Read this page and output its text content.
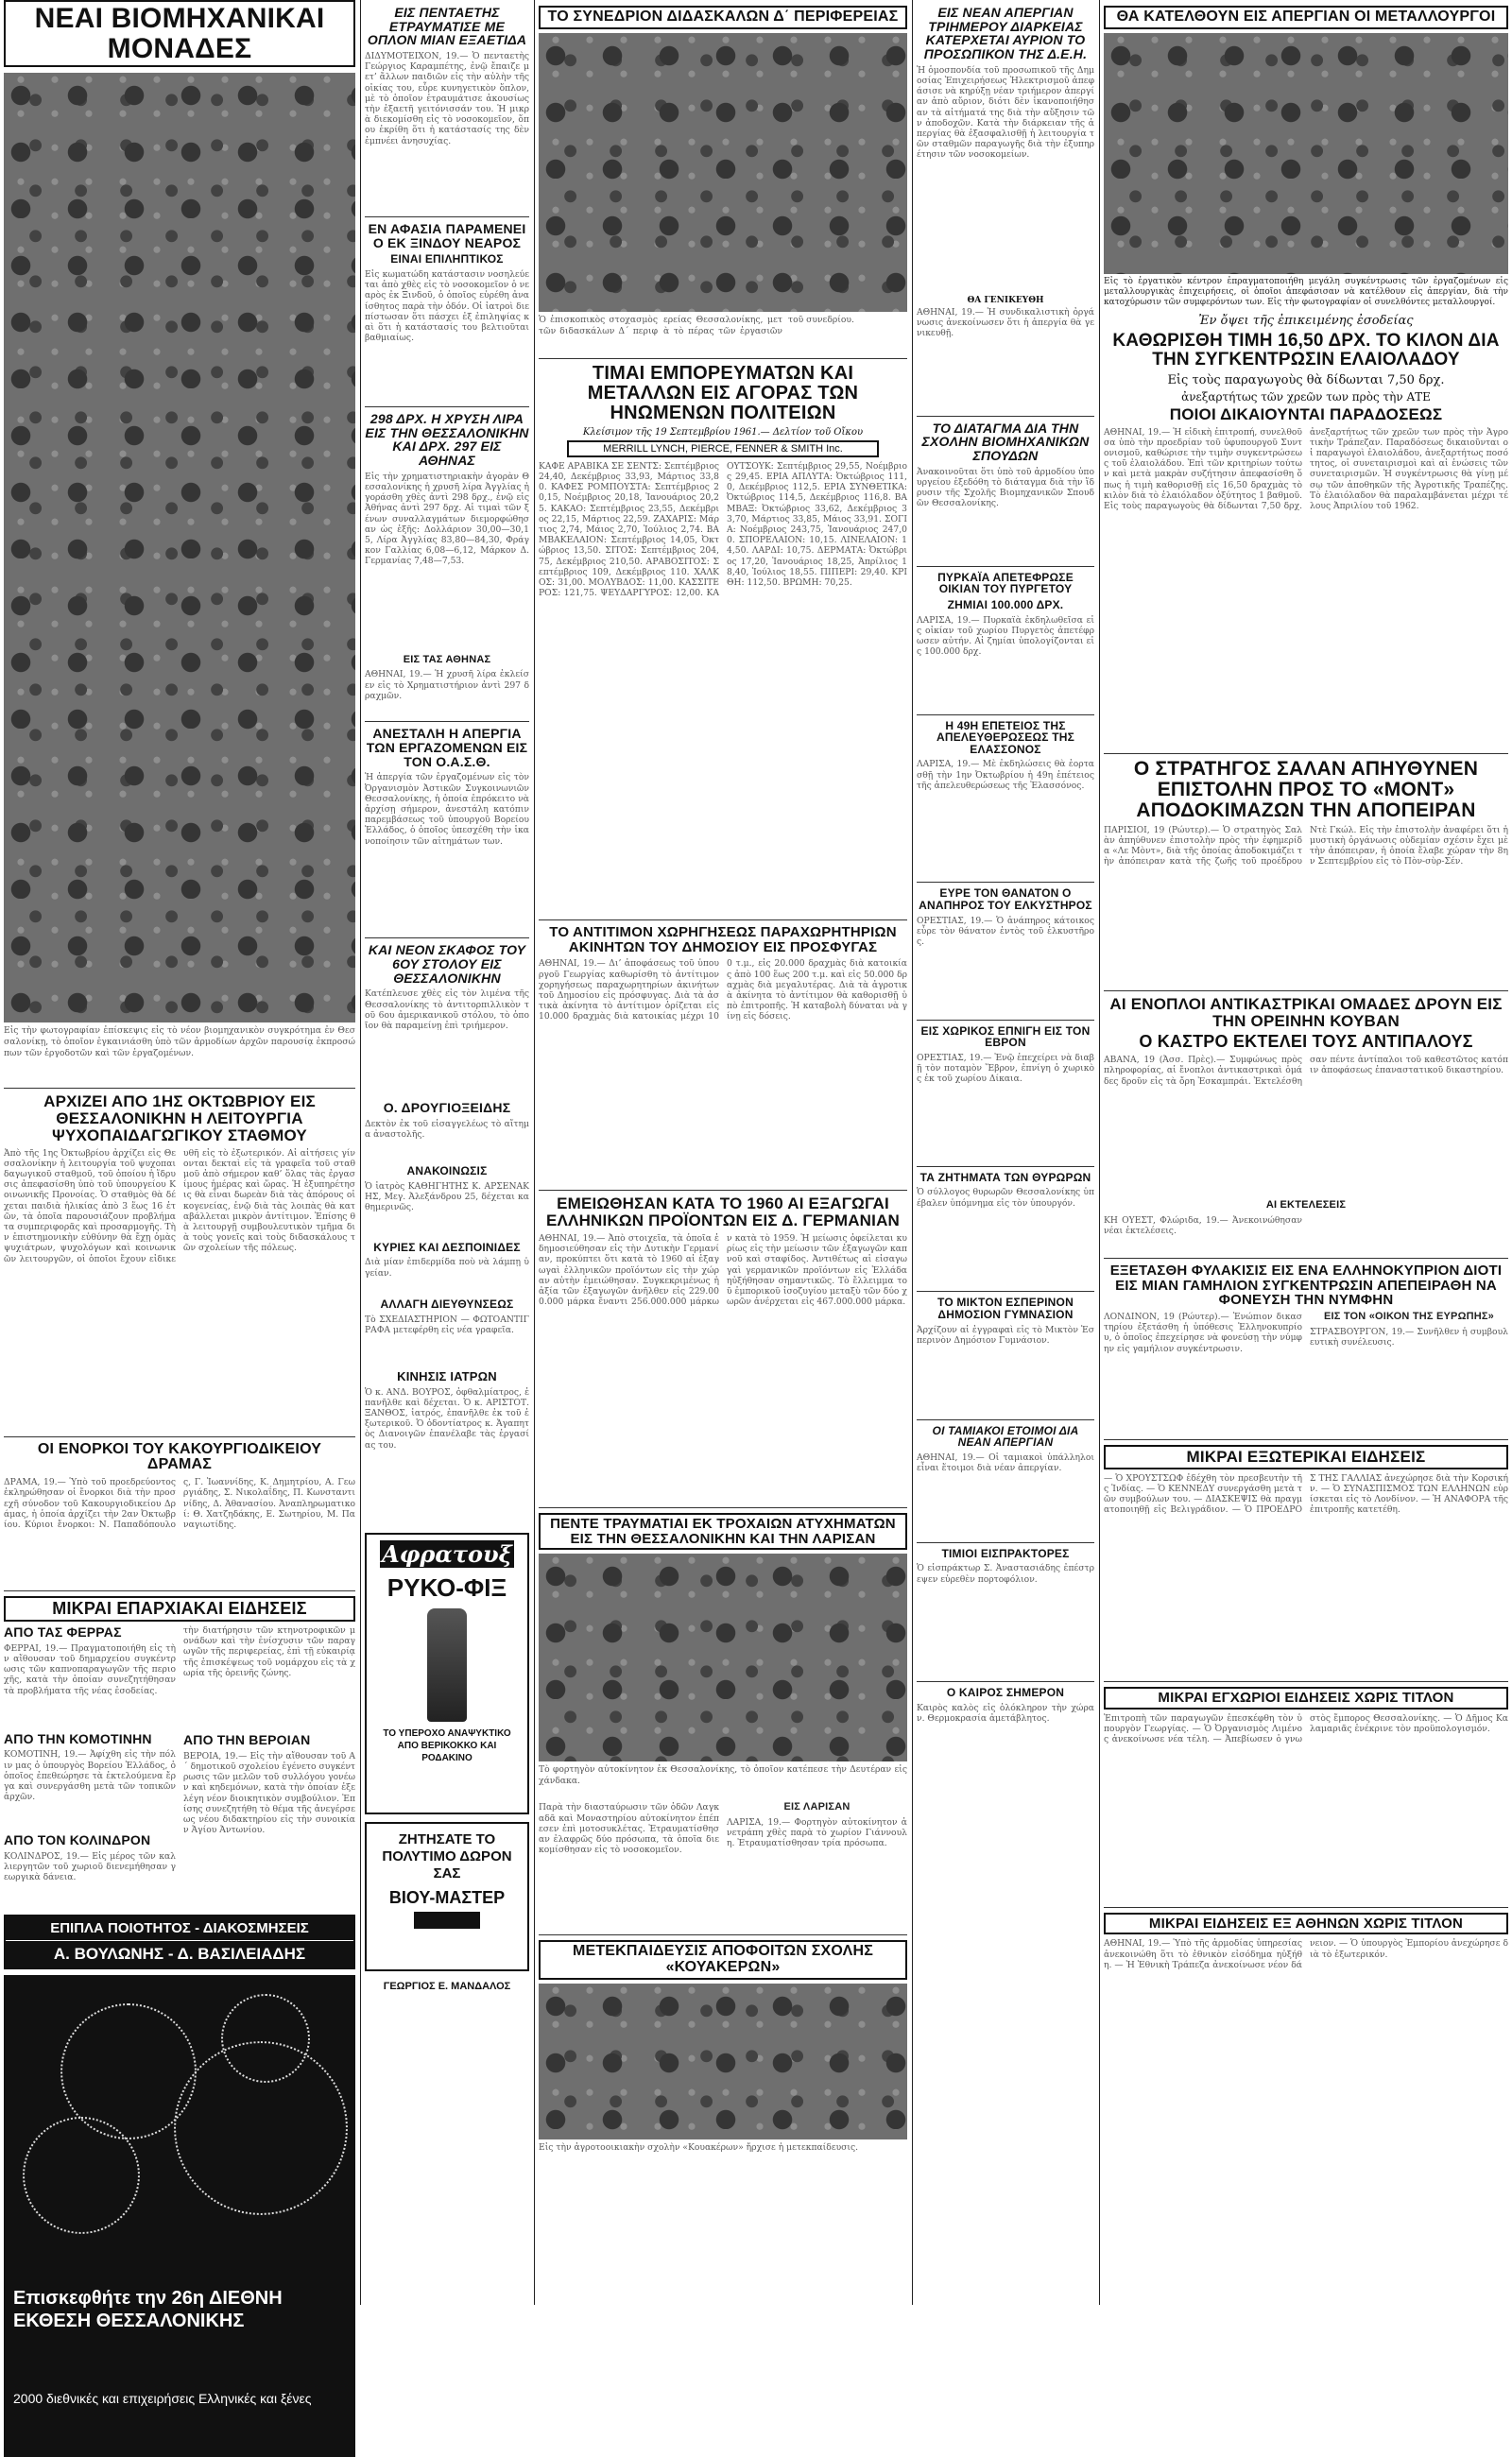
ΝΕΑΙ ΒΙΟΜΗΧΑΝΙΚΑΙ ΜΟΝΑΔΕΣ
Εἰς τὴν φωτογραφίαν ἐπίσκεψις εἰς τὸ νέον βιομηχανικὸν συγκρότημα ἐν Θεσσαλονίκῃ, τὸ ὁποῖον ἐγκαινιάσθη ὑπὸ τῶν ἁρμοδίων ἀρχῶν παρουσίᾳ ἐκπροσώπων τῶν ἐργοδοτῶν καὶ τῶν ἐργαζομένων.
ΑΡΧΙΖΕΙ ΑΠΟ 1ΗΣ ΟΚΤΩΒΡΙΟΥ ΕΙΣ ΘΕΣΣΑΛΟΝΙΚΗΝ Η ΛΕΙΤΟΥΡΓΙΑ ΨΥΧΟΠΑΙΔΑΓΩΓΙΚΟΥ ΣΤΑΘΜΟΥ
Ἀπὸ τῆς 1ης Ὀκτωβρίου ἀρχίζει εἰς Θεσσαλονίκην ἡ λειτουργία τοῦ ψυχοπαιδαγωγικοῦ σταθμοῦ, τοῦ ὁποίου ἡ ἵδρυσις ἀπεφασίσθη ὑπὸ τοῦ ὑπουργείου Κοινωνικῆς Προνοίας. Ὁ σταθμὸς θὰ δέχεται παιδιὰ ἡλικίας ἀπὸ 3 ἕως 16 ἐτῶν, τὰ ὁποῖα παρουσιάζουν προβλήματα συμπεριφορᾶς καὶ προσαρμογῆς. Τὴν ἐπιστημονικὴν εὐθύνην θὰ ἔχῃ ὁμὰς ψυχιάτρων, ψυχολόγων καὶ κοινωνικῶν λειτουργῶν, οἱ ὁποῖοι ἔχουν εἰδικευθῆ εἰς τὸ ἐξωτερικόν. Αἱ αἰτήσεις γίνονται δεκταὶ εἰς τὰ γραφεῖα τοῦ σταθμοῦ ἀπὸ σήμερον καθ’ ὅλας τὰς ἐργασίμους ἡμέρας καὶ ὥρας. Ἡ ἐξυπηρέτησις θὰ εἶναι δωρεὰν διὰ τὰς ἀπόρους οἰκογενείας, ἐνῷ διὰ τὰς λοιπὰς θὰ καταβάλλεται μικρὸν ἀντίτιμον. Ἐπίσης θὰ λειτουργῇ συμβουλευτικὸν τμῆμα διὰ τοὺς γονεῖς καὶ τοὺς διδασκάλους τῶν σχολείων τῆς πόλεως.
ΟΙ ΕΝΟΡΚΟΙ ΤΟΥ ΚΑΚΟΥΡΓΙΟΔΙΚΕΙΟΥ ΔΡΑΜΑΣ
ΔΡΑΜΑ, 19.— Ὑπὸ τοῦ προεδρεύοντος ἐκληρώθησαν οἱ ἔνορκοι διὰ τὴν προσεχῆ σύνοδον τοῦ Κακουργιοδικείου Δράμας, ἡ ὁποία ἀρχίζει τὴν 2αν Ὀκτωβρίου. Κύριοι ἔνορκοι: Ν. Παπαδόπουλος, Γ. Ἰωαννίδης, Κ. Δημητρίου, Α. Γεωργιάδης, Σ. Νικολαΐδης, Π. Κωνσταντινίδης, Δ. Ἀθανασίου. Ἀναπληρωματικοί: Θ. Χατζηδάκης, Ε. Σωτηρίου, Μ. Παναγιωτίδης.
ΜΙΚΡΑΙ ΕΠΑΡΧΙΑΚΑΙ ΕΙΔΗΣΕΙΣ
ΑΠΟ ΤΑΣ ΦΕΡΡΑΣ
ΦΕΡΡΑΙ, 19.— Πραγματοποιήθη εἰς τὴν αἴθουσαν τοῦ δημαρχείου συγκέντρωσις τῶν καπνοπαραγωγῶν τῆς περιοχῆς, κατὰ τὴν ὁποίαν συνεζητήθησαν τὰ προβλήματα τῆς νέας ἐσοδείας.
ΑΠΟ ΤΗΝ ΚΟΜΟΤΙΝΗΝ
ΚΟΜΟΤΙΝΗ, 19.— Ἀφίχθη εἰς τὴν πόλιν μας ὁ ὑπουργὸς Βορείου Ἑλλάδος, ὁ ὁποῖος ἐπεθεώρησε τὰ ἐκτελούμενα ἔργα καὶ συνεργάσθη μετὰ τῶν τοπικῶν ἀρχῶν.
ΑΠΟ ΤΟΝ ΚΟΛΙΝΔΡΟΝ
ΚΟΛΙΝΔΡΟΣ, 19.— Εἰς μέρος τῶν καλλιεργητῶν τοῦ χωριοῦ διενεμήθησαν γεωργικὰ δάνεια.
τὴν διατήρησιν τῶν κτηνοτροφικῶν μονάδων καὶ τὴν ἐνίσχυσιν τῶν παραγωγῶν τῆς περιφερείας, ἐπὶ τῇ εὐκαιρίᾳ τῆς ἐπισκέψεως τοῦ νομάρχου εἰς τὰ χωρία τῆς ὀρεινῆς ζώνης.
ΑΠΟ ΤΗΝ ΒΕΡΟΙΑΝ
ΒΕΡΟΙΑ, 19.— Εἰς τὴν αἴθουσαν τοῦ Α΄ δημοτικοῦ σχολείου ἐγένετο συγκέντρωσις τῶν μελῶν τοῦ συλλόγου γονέων καὶ κηδεμόνων, κατὰ τὴν ὁποίαν ἐξελέγη νέον διοικητικὸν συμβούλιον. Ἐπίσης συνεζητήθη τὸ θέμα τῆς ἀνεγέρσεως νέου διδακτηρίου εἰς τὴν συνοικίαν Ἁγίου Ἀντωνίου.
ΕΠΙΠΛΑ ΠΟΙΟΤΗΤΟΣ - ΔΙΑΚΟΣΜΗΣΕΙΣ
Α. ΒΟΥΛΩΝΗΣ - Δ. ΒΑΣΙΛΕΙΑΔΗΣ
Επισκεφθήτε την 26η ΔΙΕΘΝΗ ΕΚΘΕΣΗ ΘΕΣΣΑΛΟΝΙΚΗΣ
2000 διεθνικές και επιχειρήσεις Ελληνικές και ξένες
ΕΙΣ ΠΕΝΤΑΕΤΗΣ ΕΤΡΑΥΜΑΤΙΣΕ ΜΕ ΟΠΛΟΝ ΜΙΑΝ ΕΞΑΕΤΙΔΑ
ΔΙΔΥΜΟΤΕΙΧΟΝ, 19.— Ὁ πενταετὴς Γεώργιος Καραμπέτης, ἐνῷ ἔπαιζε μετ’ ἄλλων παιδιῶν εἰς τὴν αὐλὴν τῆς οἰκίας του, εὗρε κυνηγετικὸν ὅπλον, μὲ τὸ ὁποῖον ἐτραυμάτισε ἀκουσίως τὴν ἑξαετῆ γειτόνισσάν του. Ἡ μικρὰ διεκομίσθη εἰς τὸ νοσοκομεῖον, ὅπου ἐκρίθη ὅτι ἡ κατάστασίς της δὲν ἐμπνέει ἀνησυχίας.
ΕΝ ΑΦΑΣΙΑ ΠΑΡΑΜΕΝΕΙ Ο ΕΚ ΞΙΝΔΟΥ ΝΕΑΡΟΣ
ΕΙΝΑΙ ΕΠΙΛΗΠΤΙΚΟΣ
Εἰς κωματώδη κατάστασιν νοσηλεύεται ἀπὸ χθὲς εἰς τὸ νοσοκομεῖον ὁ νεαρὸς ἐκ Ξινδοῦ, ὁ ὁποῖος εὑρέθη ἀναίσθητος παρὰ τὴν ὁδόν. Οἱ ἰατροὶ διεπίστωσαν ὅτι πάσχει ἐξ ἐπιληψίας καὶ ὅτι ἡ κατάστασίς του βελτιοῦται βαθμιαίως.
298 ΔΡΧ. Η ΧΡΥΣΗ ΛΙΡΑ ΕΙΣ ΤΗΝ ΘΕΣΣΑΛΟΝΙΚΗΝ ΚΑΙ ΔΡΧ. 297 ΕΙΣ ΑΘΗΝΑΣ
Εἰς τὴν χρηματιστηριακὴν ἀγορὰν Θεσσαλονίκης ἡ χρυσῆ λίρα Ἀγγλίας ἠγοράσθη χθὲς ἀντὶ 298 δρχ., ἐνῷ εἰς Ἀθήνας ἀντὶ 297 δρχ. Αἱ τιμαὶ τῶν ξένων συναλλαγμάτων διεμορφώθησαν ὡς ἑξῆς: Δολλάριον 30,00—30,15, Λίρα Ἀγγλίας 83,80—84,30, Φράγκον Γαλλίας 6,08—6,12, Μάρκον Δ. Γερμανίας 7,48—7,53.
ΕΙΣ ΤΑΣ ΑΘΗΝΑΣ
ΑΘΗΝΑΙ, 19.— Ἡ χρυσῆ λίρα ἐκλείσεν εἰς τὸ Χρηματιστήριον ἀντὶ 297 δραχμῶν.
ΑΝΕΣΤΑΛΗ Η ΑΠΕΡΓΙΑ ΤΩΝ ΕΡΓΑΖΟΜΕΝΩΝ ΕΙΣ ΤΟΝ Ο.Α.Σ.Θ.
Ἡ ἀπεργία τῶν ἐργαζομένων εἰς τὸν Ὀργανισμὸν Ἀστικῶν Συγκοινωνιῶν Θεσσαλονίκης, ἡ ὁποία ἐπρόκειτο νὰ ἀρχίσῃ σήμερον, ἀνεστάλη κατόπιν παρεμβάσεως τοῦ ὑπουργοῦ Βορείου Ἑλλάδος, ὁ ὁποῖος ὑπεσχέθη τὴν ἱκανοποίησιν τῶν αἰτημάτων των.
ΚΑΙ ΝΕΟΝ ΣΚΑΦΟΣ ΤΟΥ 6ΟΥ ΣΤΟΛΟΥ ΕΙΣ ΘΕΣΣΑΛΟΝΙΚΗΝ
Κατέπλευσε χθὲς εἰς τὸν λιμένα τῆς Θεσσαλονίκης τὸ ἀντιτορπιλλικὸν τοῦ 6ου ἀμερικανικοῦ στόλου, τὸ ὁποῖον θὰ παραμείνῃ ἐπὶ τριήμερον.
Ο. ΔΡΟΥΓΙΟΞΕΙΔΗΣ
Δεκτὸν ἐκ τοῦ εἰσαγγελέως τὸ αἴτημα ἀναστολῆς.
ΑΝΑΚΟΙΝΩΣΙΣ
Ὁ ἰατρὸς ΚΑΘΗΓΗΤΗΣ Κ. ΑΡΣΕΝΑΚΗΣ, Μεγ. Ἀλεξάνδρου 25, δέχεται καθημερινῶς.
ΚΥΡΙΕΣ ΚΑΙ ΔΕΣΠΟΙΝΙΔΕΣ
Διὰ μίαν ἐπιδερμίδα ποὺ νὰ λάμπῃ ὑγείαν.
ΑΛΛΑΓΗ ΔΙΕΥΘΥΝΣΕΩΣ
Τὸ ΣΧΕΔΙΑΣΤΗΡΙΟΝ — ΦΩΤΟΑΝΤΙΓΡΑΦΑ μετεφέρθη εἰς νέα γραφεῖα.
ΚΙΝΗΣΙΣ ΙΑΤΡΩΝ
Ὁ κ. ΑΝΔ. ΒΟΥΡΟΣ, ὀφθαλμίατρος, ἐπανῆλθε καὶ δέχεται. Ὁ κ. ΑΡΙΣΤΟΤ. ΞΑΝΘΟΣ, ἰατρός, ἐπανῆλθε ἐκ τοῦ ἐξωτερικοῦ. Ὁ ὀδοντίατρος κ. Ἀγαπητὸς Διανοιγῶν ἐπανέλαβε τὰς ἐργασίας του.
Αφρατουξ
ΡΥΚΟ-ΦΙΞ
ΤΟ ΥΠΕΡΟΧΟ ΑΝΑΨΥΚΤΙΚΟ ΑΠΟ ΒΕΡΙΚΟΚΚΟ ΚΑΙ ΡΟΔΑΚΙΝΟ
ΖΗΤΗΣΑΤΕ ΤΟ ΠΟΛΥΤΙΜΟ ΔΩΡΟΝ ΣΑΣ
ΒΙΟΥ-ΜΑΣΤΕΡ
ΓΕΩΡΓΙΟΣ Ε. ΜΑΝΔΑΛΟΣ
ΤΟ ΣΥΝΕΔΡΙΟΝ ΔΙΔΑΣΚΑΛΩΝ Δ΄ ΠΕΡΙΦΕΡΕΙΑΣ
Ὁ ἐπισκοπικὸς στοχασμὸς τῶν διδασκάλων Δ΄ περιφερείας Θεσσαλονίκης, μετὰ τὸ πέρας τῶν ἐργασιῶν τοῦ συνεδρίου.
ΤΙΜΑΙ ΕΜΠΟΡΕΥΜΑΤΩΝ ΚΑΙ ΜΕΤΑΛΛΩΝ ΕΙΣ ΑΓΟΡΑΣ ΤΩΝ ΗΝΩΜΕΝΩΝ ΠΟΛΙΤΕΙΩΝ
Κλείσιμον τῆς 19 Σεπτεμβρίου 1961.— Δελτίον τοῦ Οἴκου
MERRILL LYNCH, PIERCE, FENNER & SMITH Inc.
ΚΑΦΕ ΑΡΑΒΙΚΑ ΣΕ ΣΕΝΤΣ: Σεπτέμβριος 24,40, Δεκέμβριος 33,93, Μάρτιος 33,80. ΚΑΦΕΣ ΡΟΜΠΟΥΣΤΑ: Σεπτέμβριος 20,15, Νοέμβριος 20,18, Ἰανουάριος 20,25. ΚΑΚΑΟ: Σεπτέμβριος 23,55, Δεκέμβριος 22,15, Μάρτιος 22,59. ΖΑΧΑΡΙΣ: Μάρτιος 2,74, Μάιος 2,70, Ἰούλιος 2,74. ΒΑΜΒΑΚΕΛΑΙΟΝ: Σεπτέμβριος 14,05, Ὀκτώβριος 13,50. ΣΙΤΟΣ: Σεπτέμβριος 204,75, Δεκέμβριος 210,50. ΑΡΑΒΟΣΙΤΟΣ: Σεπτέμβριος 109, Δεκέμβριος 110. ΧΑΛΚΟΣ: 31,00. ΜΟΛΥΒΔΟΣ: 11,00. ΚΑΣΣΙΤΕΡΟΣ: 121,75. ΨΕΥΔΑΡΓΥΡΟΣ: 12,00. ΚΑΟΥΤΣΟΥΚ: Σεπτέμβριος 29,55, Νοέμβριος 29,45. ΕΡΙΑ ΑΠΛΥΤΑ: Ὀκτώβριος 111,0, Δεκέμβριος 112,5. ΕΡΙΑ ΣΥΝΘΕΤΙΚΑ: Ὀκτώβριος 114,5, Δεκέμβριος 116,8. ΒΑΜΒΑΞ: Ὀκτώβριος 33,62, Δεκέμβριος 33,70, Μάρτιος 33,85, Μάιος 33,91. ΣΟΓΙΑ: Νοέμβριος 243,75, Ἰανουάριος 247,00. ΣΠΟΡΕΛΑΙΟΝ: 10,15. ΛΙΝΕΛΑΙΟΝ: 14,50. ΛΑΡΔΙ: 10,75. ΔΕΡΜΑΤΑ: Ὀκτώβριος 17,20, Ἰανουάριος 18,25, Ἀπρίλιος 18,40, Ἰούλιος 18,55. ΠΙΠΕΡΙ: 29,40. ΚΡΙΘΗ: 112,50. ΒΡΩΜΗ: 70,25.
ΤΟ ΑΝΤΙΤΙΜΟΝ ΧΩΡΗΓΗΣΕΩΣ ΠΑΡΑΧΩΡΗΤΗΡΙΩΝ ΑΚΙΝΗΤΩΝ ΤΟΥ ΔΗΜΟΣΙΟΥ ΕΙΣ ΠΡΟΣΦΥΓΑΣ
ΑΘΗΝΑΙ, 19.— Δι’ ἀποφάσεως τοῦ ὑπουργοῦ Γεωργίας καθωρίσθη τὸ ἀντίτιμον χορηγήσεως παραχωρητηρίων ἀκινήτων τοῦ Δημοσίου εἰς πρόσφυγας. Διὰ τὰ ἀστικὰ ἀκίνητα τὸ ἀντίτιμον ὁρίζεται εἰς 10.000 δραχμὰς διὰ κατοικίας μέχρι 100 τ.μ., εἰς 20.000 δραχμὰς διὰ κατοικίας ἀπὸ 100 ἕως 200 τ.μ. καὶ εἰς 50.000 δραχμὰς διὰ μεγαλυτέρας. Διὰ τὰ ἀγροτικὰ ἀκίνητα τὸ ἀντίτιμον θὰ καθορισθῇ ὑπὸ ἐπιτροπῆς. Ἡ καταβολὴ δύναται νὰ γίνῃ εἰς δόσεις.
ΕΜΕΙΩΘΗΣΑΝ ΚΑΤΑ ΤΟ 1960 ΑΙ ΕΞΑΓΩΓΑΙ ΕΛΛΗΝΙΚΩΝ ΠΡΟΪΟΝΤΩΝ ΕΙΣ Δ. ΓΕΡΜΑΝΙΑΝ
ΑΘΗΝΑΙ, 19.— Ἀπὸ στοιχεῖα, τὰ ὁποῖα ἐδημοσιεύθησαν εἰς τὴν Δυτικὴν Γερμανίαν, προκύπτει ὅτι κατὰ τὸ 1960 αἱ ἐξαγωγαὶ ἑλληνικῶν προϊόντων εἰς τὴν χώραν αὐτὴν ἐμειώθησαν. Συγκεκριμένως ἡ ἀξία τῶν ἐξαγωγῶν ἀνῆλθεν εἰς 229.000.000 μάρκα ἔναντι 256.000.000 μάρκων κατὰ τὸ 1959. Ἡ μείωσις ὀφείλεται κυρίως εἰς τὴν μείωσιν τῶν ἐξαγωγῶν καπνοῦ καὶ σταφίδος. Ἀντιθέτως αἱ εἰσαγωγαὶ γερμανικῶν προϊόντων εἰς Ἑλλάδα ηὐξήθησαν σημαντικῶς. Τὸ ἔλλειμμα τοῦ ἐμπορικοῦ ἰσοζυγίου μεταξὺ τῶν δύο χωρῶν ἀνέρχεται εἰς 467.000.000 μάρκα.
ΠΕΝΤΕ ΤΡΑΥΜΑΤΙΑΙ ΕΚ ΤΡΟΧΑΙΩΝ ΑΤΥΧΗΜΑΤΩΝ ΕΙΣ ΤΗΝ ΘΕΣΣΑΛΟΝΙΚΗΝ ΚΑΙ ΤΗΝ ΛΑΡΙΣΑΝ
Τὸ φορτηγὸν αὐτοκίνητον ἐκ Θεσσαλονίκης, τὸ ὁποῖον κατέπεσε τὴν Δευτέραν εἰς χάνδακα.
Παρὰ τὴν διασταύρωσιν τῶν ὁδῶν Λαγκαδᾶ καὶ Μοναστηρίου αὐτοκίνητον ἐπέπεσεν ἐπὶ μοτοσυκλέτας. Ἐτραυματίσθησαν ἐλαφρῶς δύο πρόσωπα, τὰ ὁποῖα διεκομίσθησαν εἰς τὸ νοσοκομεῖον.
ΕΙΣ ΛΑΡΙΣΑΝ
ΛΑΡΙΣΑ, 19.— Φορτηγὸν αὐτοκίνητον ἀνετράπη χθὲς παρὰ τὸ χωρίον Γιάννουλη. Ἐτραυματίσθησαν τρία πρόσωπα.
ΜΕΤΕΚΠΑΙΔΕΥΣΙΣ ΑΠΟΦΟΙΤΩΝ ΣΧΟΛΗΣ «ΚΟΥΑΚΕΡΩΝ»
Εἰς τὴν ἀγροτοοικιακὴν σχολὴν «Κουακέρων» ἤρχισε ἡ μετεκπαίδευσις.
ΕΙΣ ΝΕΑΝ ΑΠΕΡΓΙΑΝ ΤΡΙΗΜΕΡΟΥ ΔΙΑΡΚΕΙΑΣ ΚΑΤΕΡΧΕΤΑΙ ΑΥΡΙΟΝ ΤΟ ΠΡΟΣΩΠΙΚΟΝ ΤΗΣ Δ.Ε.Η.
Ἡ ὁμοσπονδία τοῦ προσωπικοῦ τῆς Δημοσίας Ἐπιχειρήσεως Ἠλεκτρισμοῦ ἀπεφάσισε νὰ κηρύξῃ νέαν τριήμερον ἀπεργίαν ἀπὸ αὔριον, διότι δὲν ἱκανοποιήθησαν τὰ αἰτήματά της διὰ τὴν αὔξησιν τῶν ἀποδοχῶν. Κατὰ τὴν διάρκειαν τῆς ἀπεργίας θὰ ἐξασφαλισθῇ ἡ λειτουργία τῶν σταθμῶν παραγωγῆς διὰ τὴν ἐξυπηρέτησιν τῶν νοσοκομείων.
ΘΑ ΓΕΝΙΚΕΥΘΗ
ΑΘΗΝΑΙ, 19.— Ἡ συνδικαλιστικὴ ὀργάνωσις ἀνεκοίνωσεν ὅτι ἡ ἀπεργία θὰ γενικευθῇ.
ΤΟ ΔΙΑΤΑΓΜΑ ΔΙΑ ΤΗΝ ΣΧΟΛΗΝ ΒΙΟΜΗΧΑΝΙΚΩΝ ΣΠΟΥΔΩΝ
Ἀνακοινοῦται ὅτι ὑπὸ τοῦ ἁρμοδίου ὑπουργείου ἐξεδόθη τὸ διάταγμα διὰ τὴν ἵδρυσιν τῆς Σχολῆς Βιομηχανικῶν Σπουδῶν Θεσσαλονίκης.
ΠΥΡΚΑΪΑ ΑΠΕΤΕΦΡΩΣΕ ΟΙΚΙΑΝ ΤΟΥ ΠΥΡΓΕΤΟΥ
ΖΗΜΙΑΙ 100.000 ΔΡΧ.
ΛΑΡΙΣΑ, 19.— Πυρκαϊὰ ἐκδηλωθεῖσα εἰς οἰκίαν τοῦ χωρίου Πυργετὸς ἀπετέφρωσεν αὐτήν. Αἱ ζημίαι ὑπολογίζονται εἰς 100.000 δρχ.
Η 49Η ΕΠΕΤΕΙΟΣ ΤΗΣ ΑΠΕΛΕΥΘΕΡΩΣΕΩΣ ΤΗΣ ΕΛΑΣΣΟΝΟΣ
ΛΑΡΙΣΑ, 19.— Μὲ ἐκδηλώσεις θὰ ἑορτασθῇ τὴν 1ην Ὀκτωβρίου ἡ 49η ἐπέτειος τῆς ἀπελευθερώσεως τῆς Ἐλασσόνος.
ΕΥΡΕ ΤΟΝ ΘΑΝΑΤΟΝ Ο ΑΝΑΠΗΡΟΣ ΤΟΥ ΕΛΚΥΣΤΗΡΟΣ
ΟΡΕΣΤΙΑΣ, 19.— Ὁ ἀνάπηρος κάτοικος εὗρε τὸν θάνατον ἐντὸς τοῦ ἐλκυστῆρος.
ΕΙΣ ΧΩΡΙΚΟΣ ΕΠΝΙΓΗ ΕΙΣ ΤΟΝ ΕΒΡΟΝ
ΟΡΕΣΤΙΑΣ, 19.— Ἐνῷ ἐπεχείρει νὰ διαβῇ τὸν ποταμὸν Ἕβρον, ἐπνίγη ὁ χωρικὸς ἐκ τοῦ χωρίου Δίκαια.
ΤΑ ΖΗΤΗΜΑΤΑ ΤΩΝ ΘΥΡΩΡΩΝ
Ὁ σύλλογος θυρωρῶν Θεσσαλονίκης ὑπέβαλεν ὑπόμνημα εἰς τὸν ὑπουργόν.
ΤΟ ΜΙΚΤΟΝ ΕΣΠΕΡΙΝΟΝ ΔΗΜΟΣΙΟΝ ΓΥΜΝΑΣΙΟΝ
Ἀρχίζουν αἱ ἐγγραφαὶ εἰς τὸ Μικτὸν Ἑσπερινὸν Δημόσιον Γυμνάσιον.
ΟΙ ΤΑΜΙΑΚΟΙ ΕΤΟΙΜΟΙ ΔΙΑ ΝΕΑΝ ΑΠΕΡΓΙΑΝ
ΑΘΗΝΑΙ, 19.— Οἱ ταμιακοὶ ὑπάλληλοι εἶναι ἕτοιμοι διὰ νέαν ἀπεργίαν.
ΤΙΜΙΟΙ ΕΙΣΠΡΑΚΤΟΡΕΣ
Ὁ εἰσπράκτωρ Σ. Ἀναστασιάδης ἐπέστρεψεν εὑρεθὲν πορτοφόλιον.
Ο ΚΑΙΡΟΣ ΣΗΜΕΡΟΝ
Καιρὸς καλὸς εἰς ὁλόκληρον τὴν χώραν. Θερμοκρασία ἀμετάβλητος.
ΘΑ ΚΑΤΕΛΘΟΥΝ ΕΙΣ ΑΠΕΡΓΙΑΝ ΟΙ ΜΕΤΑΛΛΟΥΡΓΟΙ
Εἰς τὸ ἐργατικὸν κέντρον ἐπραγματοποιήθη μεγάλη συγκέντρωσις τῶν ἐργαζομένων εἰς μεταλλουργικὰς ἐπιχειρήσεις, οἱ ὁποῖοι ἀπεφάσισαν νὰ κατέλθουν εἰς ἀπεργίαν, διὰ τὴν κατοχύρωσιν τῶν συμφερόντων των. Εἰς τὴν φωτογραφίαν οἱ συνελθόντες μεταλλουργοί.
Ἐν ὄψει τῆς ἐπικειμένης ἐσοδείας
ΚΑΘΩΡΙΣΘΗ ΤΙΜΗ 16,50 ΔΡΧ. ΤΟ ΚΙΛΟΝ ΔΙΑ ΤΗΝ ΣΥΓΚΕΝΤΡΩΣΙΝ ΕΛΑΙΟΛΑΔΟΥ
Εἰς τοὺς παραγωγοὺς θὰ δίδωνται 7,50 δρχ.
ἀνεξαρτήτως τῶν χρεῶν των πρὸς τὴν ΑΤΕ
ΠΟΙΟΙ ΔΙΚΑΙΟΥΝΤΑΙ ΠΑΡΑΔΟΣΕΩΣ
ΑΘΗΝΑΙ, 19.— Ἡ εἰδικὴ ἐπιτροπή, συνελθοῦσα ὑπὸ τὴν προεδρίαν τοῦ ὑφυπουργοῦ Συντονισμοῦ, καθώρισε τὴν τιμὴν συγκεντρώσεως τοῦ ἐλαιολάδου. Ἐπὶ τῶν κριτηρίων τούτων καὶ μετὰ μακρὰν συζήτησιν ἀπεφασίσθη ὅπως ἡ τιμὴ καθορισθῇ εἰς 16,50 δραχμὰς τὸ κιλὸν διὰ τὸ ἐλαιόλαδον ὀξύτητος 1 βαθμοῦ. Εἰς τοὺς παραγωγοὺς θὰ δίδωνται 7,50 δρχ. ἀνεξαρτήτως τῶν χρεῶν των πρὸς τὴν Ἀγροτικὴν Τράπεζαν. Παραδόσεως δικαιοῦνται οἱ παραγωγοὶ ἐλαιολάδου, ἀνεξαρτήτως ποσότητος, οἱ συνεταιρισμοὶ καὶ αἱ ἑνώσεις τῶν συνεταιρισμῶν. Ἡ συγκέντρωσις θὰ γίνῃ μέσῳ τῶν ἀποθηκῶν τῆς Ἀγροτικῆς Τραπέζης. Τὸ ἐλαιόλαδον θὰ παραλαμβάνεται μέχρι τέλους Ἀπριλίου τοῦ 1962.
Ο ΣΤΡΑΤΗΓΟΣ ΣΑΛΑΝ ΑΠΗΥΘΥΝΕΝ ΕΠΙΣΤΟΛΗΝ ΠΡΟΣ ΤΟ «ΜΟΝΤ» ΑΠΟΔΟΚΙΜΑΖΩΝ ΤΗΝ ΑΠΟΠΕΙΡΑΝ
ΠΑΡΙΣΙΟΙ, 19 (Ρώυτερ).— Ὁ στρατηγὸς Σαλὰν ἀπηύθυνεν ἐπιστολὴν πρὸς τὴν ἐφημερίδα «Λε Μὸντ», διὰ τῆς ὁποίας ἀποδοκιμάζει τὴν ἀπόπειραν κατὰ τῆς ζωῆς τοῦ προέδρου Ντὲ Γκώλ. Εἰς τὴν ἐπιστολὴν ἀναφέρει ὅτι ἡ μυστικὴ ὀργάνωσις οὐδεμίαν σχέσιν ἔχει μὲ τὴν ἀπόπειραν, ἡ ὁποία ἔλαβε χώραν τὴν 8ην Σεπτεμβρίου εἰς τὸ Πὸν-σὺρ-Σέν.
ΑΙ ΕΝΟΠΛΟΙ ΑΝΤΙΚΑΣΤΡΙΚΑΙ ΟΜΑΔΕΣ ΔΡΟΥΝ ΕΙΣ ΤΗΝ ΟΡΕΙΝΗΝ ΚΟΥΒΑΝ
Ο ΚΑΣΤΡΟ ΕΚΤΕΛΕΙ ΤΟΥΣ ΑΝΤΙΠΑΛΟΥΣ
ΑΒΑΝΑ, 19 (Ἀσσ. Πρὲς).— Συμφώνως πρὸς πληροφορίας, αἱ ἔνοπλοι ἀντικαστρικαὶ ὁμάδες δροῦν εἰς τὰ ὄρη Ἐσκαμπράι. Ἐκτελέσθησαν πέντε ἀντίπαλοι τοῦ καθεστῶτος κατόπιν ἀποφάσεως ἐπαναστατικοῦ δικαστηρίου.
ΑΙ ΕΚΤΕΛΕΣΕΙΣ
ΚΗ ΟΥΕΣΤ, Φλώριδα, 19.— Ἀνεκοινώθησαν νέαι ἐκτελέσεις.
ΕΞΕΤΑΣΘΗ ΦΥΛΑΚΙΣΙΣ ΕΙΣ ΕΝΑ ΕΛΛΗΝΟΚΥΠΡΙΟΝ ΔΙΟΤΙ ΕΙΣ ΜΙΑΝ ΓΑΜΗΛΙΟΝ ΣΥΓΚΕΝΤΡΩΣΙΝ ΑΠΕΠΕΙΡΑΘΗ ΝΑ ΦΟΝΕΥΣΗ ΤΗΝ ΝΥΜΦΗΝ
ΛΟΝΔΙΝΟΝ, 19 (Ρώυτερ).— Ἐνώπιον δικαστηρίου ἐξετάσθη ἡ ὑπόθεσις Ἑλληνοκυπρίου, ὁ ὁποῖος ἐπεχείρησε νὰ φονεύσῃ τὴν νύμφην εἰς γαμήλιον συγκέντρωσιν.
ΕΙΣ ΤΟΝ «ΟΙΚΟΝ ΤΗΣ ΕΥΡΩΠΗΣ»
ΣΤΡΑΣΒΟΥΡΓΟΝ, 19.— Συνῆλθεν ἡ συμβουλευτικὴ συνέλευσις.
ΜΙΚΡΑΙ ΕΞΩΤΕΡΙΚΑΙ ΕΙΔΗΣΕΙΣ
— Ὁ ΧΡΟΥΣΤΣΩΦ ἐδέχθη τὸν πρεσβευτὴν τῆς Ἰνδίας. — Ὁ ΚΕΝΝΕΔΥ συνεργάσθη μετὰ τῶν συμβούλων του. — ΔΙΑΣΚΕΨΙΣ θὰ πραγματοποιηθῇ εἰς Βελιγράδιον. — Ὁ ΠΡΟΕΔΡΟΣ ΤΗΣ ΓΑΛΛΙΑΣ ἀνεχώρησε διὰ τὴν Κορσικήν. — Ὁ ΣΥΝΑΣΠΙΣΜΟΣ ΤΩΝ ΕΛΛΗΝΩΝ εὑρίσκεται εἰς τὸ Λονδίνον. — Ἡ ΑΝΑΦΟΡΑ τῆς ἐπιτροπῆς κατετέθη.
ΜΙΚΡΑΙ ΕΓΧΩΡΙΟΙ ΕΙΔΗΣΕΙΣ ΧΩΡΙΣ ΤΙΤΛΟΝ
Ἐπιτροπὴ τῶν παραγωγῶν ἐπεσκέφθη τὸν ὑπουργὸν Γεωργίας. — Ὁ Ὀργανισμὸς Λιμένος ἀνεκοίνωσε νέα τέλη. — Ἀπεβίωσεν ὁ γνωστὸς ἔμπορος Θεσσαλονίκης. — Ὁ Δῆμος Καλαμαριᾶς ἐνέκρινε τὸν προϋπολογισμόν.
ΜΙΚΡΑΙ ΕΙΔΗΣΕΙΣ ΕΞ ΑΘΗΝΩΝ ΧΩΡΙΣ ΤΙΤΛΟΝ
ΑΘΗΝΑΙ, 19.— Ὑπὸ τῆς ἀρμοδίας ὑπηρεσίας ἀνεκοινώθη ὅτι τὸ ἐθνικὸν εἰσόδημα ηὐξήθη. — Ἡ Ἐθνικὴ Τράπεζα ἀνεκοίνωσε νέον δάνειον. — Ὁ ὑπουργὸς Ἐμπορίου ἀνεχώρησε διὰ τὸ ἐξωτερικόν.
